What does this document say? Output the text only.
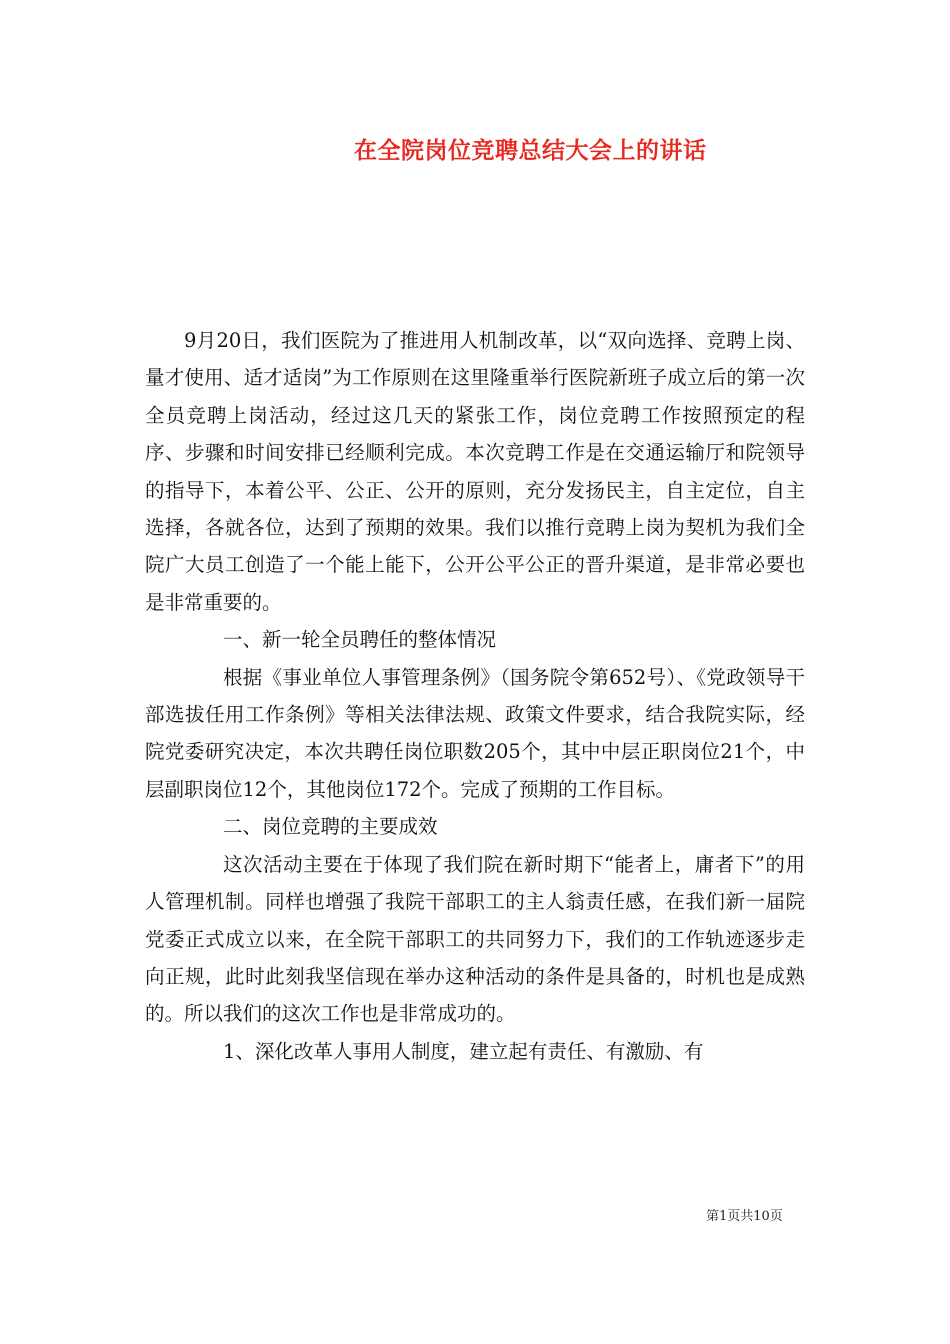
在全院岗位竞聘总结大会上的讲话

9月20日，我们医院为了推进用人机制改革，以“双向选择、竞聘上岗、量才使用、适才适岗”为工作原则在这里隆重举行医院新班子成立后的第一次全员竞聘上岗活动，经过这几天的紧张工作，岗位竞聘工作按照预定的程序、步骤和时间安排已经顺利完成。本次竞聘工作是在交通运输厅和院领导的指导下，本着公平、公正、公开的原则，充分发扬民主，自主定位，自主选择，各就各位，达到了预期的效果。我们以推行竞聘上岗为契机为我们全院广大员工创造了一个能上能下，公开公平公正的晋升渠道，是非常必要也是非常重要的。

一、新一轮全员聘任的整体情况

根据《事业单位人事管理条例》（国务院令第652号）、《党政领导干部选拔任用工作条例》等相关法律法规、政策文件要求，结合我院实际，经院党委研究决定，本次共聘任岗位职数205个，其中中层正职岗位21个，中层副职岗位12个，其他岗位172个。完成了预期的工作目标。

二、岗位竞聘的主要成效

这次活动主要在于体现了我们院在新时期下“能者上，庸者下”的用人管理机制。同样也增强了我院干部职工的主人翁责任感，在我们新一届院党委正式成立以来，在全院干部职工的共同努力下，我们的工作轨迹逐步走向正规，此时此刻我坚信现在举办这种活动的条件是具备的，时机也是成熟的。所以我们的这次工作也是非常成功的。

1、深化改革人事用人制度，建立起有责任、有激励、有

第1页共10页
